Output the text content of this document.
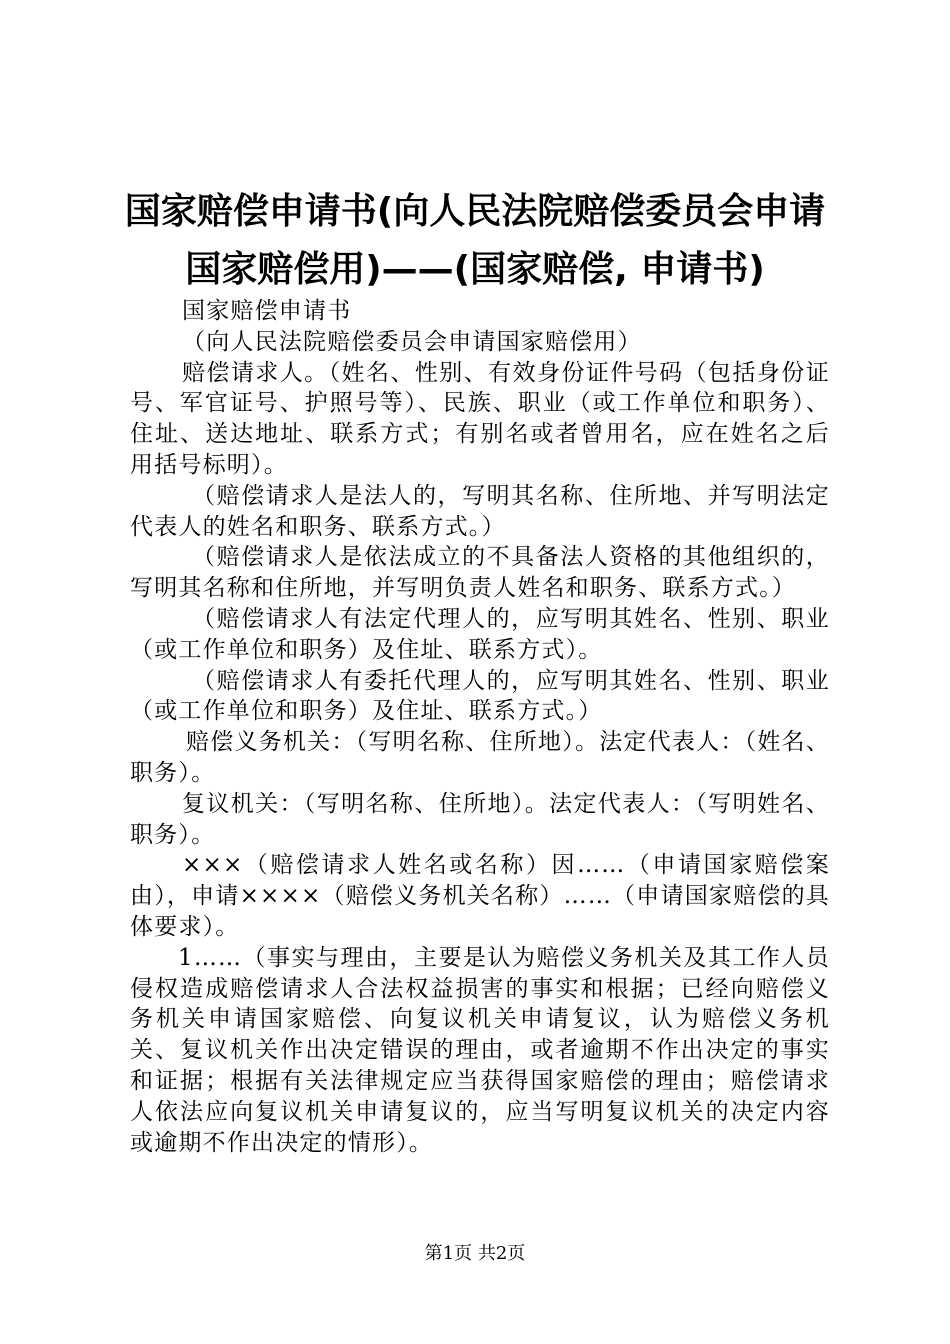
国家赔偿申请书(向人民法院赔偿委员会申请
国家赔偿用)——(国家赔偿, 申请书)

国家赔偿申请书

（向人民法院赔偿委员会申请国家赔偿用）

赔偿请求人。（姓名、性别、有效身份证件号码（包括身份证号、军官证号、护照号等）、民族、职业（或工作单位和职务）、住址、送达地址、联系方式；有别名或者曾用名，应在姓名之后用括号标明）。

（赔偿请求人是法人的，写明其名称、住所地、并写明法定代表人的姓名和职务、联系方式。）

（赔偿请求人是依法成立的不具备法人资格的其他组织的，写明其名称和住所地，并写明负责人姓名和职务、联系方式。）

（赔偿请求人有法定代理人的，应写明其姓名、性别、职业（或工作单位和职务）及住址、联系方式）。

（赔偿请求人有委托代理人的，应写明其姓名、性别、职业（或工作单位和职务）及住址、联系方式。）

赔偿义务机关：（写明名称、住所地）。法定代表人：（姓名、职务）。

复议机关：（写明名称、住所地）。法定代表人：（写明姓名、职务）。

×××（赔偿请求人姓名或名称）因……（申请国家赔偿案由），申请××××（赔偿义务机关名称）……（申请国家赔偿的具体要求）。

1……（事实与理由，主要是认为赔偿义务机关及其工作人员侵权造成赔偿请求人合法权益损害的事实和根据；已经向赔偿义务机关申请国家赔偿、向复议机关申请复议，认为赔偿义务机关、复议机关作出决定错误的理由，或者逾期不作出决定的事实和证据；根据有关法律规定应当获得国家赔偿的理由；赔偿请求人依法应向复议机关申请复议的，应当写明复议机关的决定内容或逾期不作出决定的情形）。

第1页 共2页
